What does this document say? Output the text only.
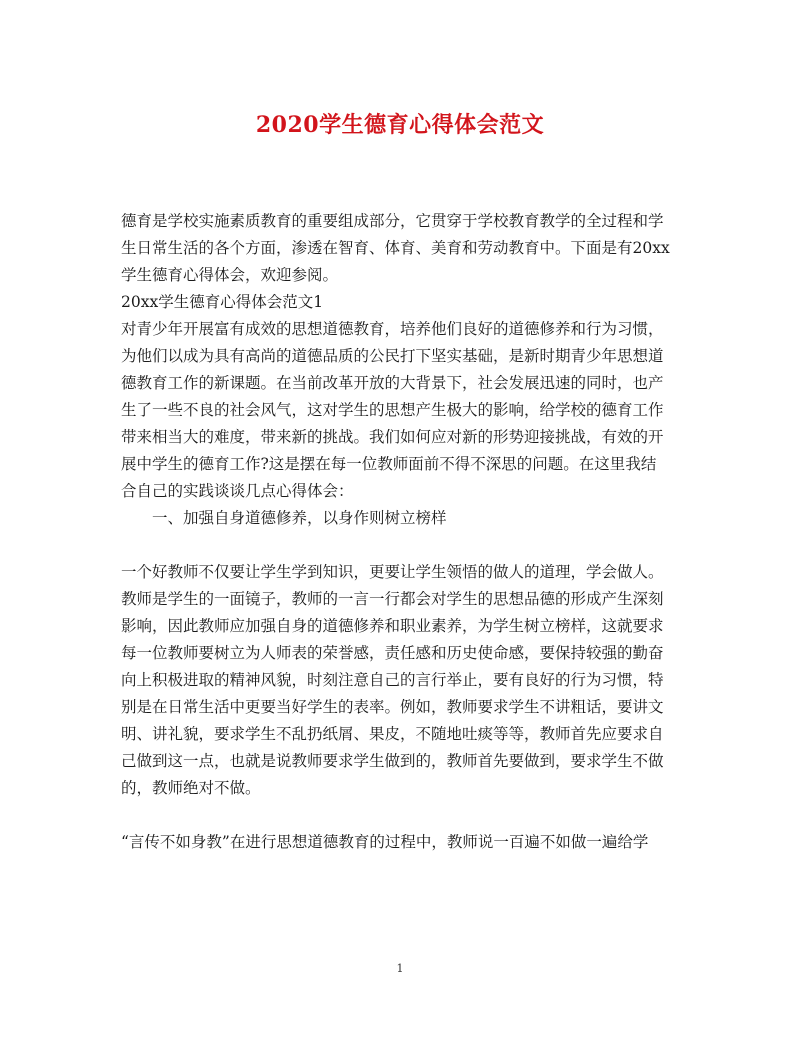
2020学生德育心得体会范文
德育是学校实施素质教育的重要组成部分，它贯穿于学校教育教学的全过程和学
生日常生活的各个方面，渗透在智育、体育、美育和劳动教育中。下面是有20xx
学生德育心得体会，欢迎参阅。
20xx学生德育心得体会范文1
对青少年开展富有成效的思想道德教育，培养他们良好的道德修养和行为习惯，
为他们以成为具有高尚的道德品质的公民打下坚实基础，是新时期青少年思想道
德教育工作的新课题。在当前改革开放的大背景下，社会发展迅速的同时，也产
生了一些不良的社会风气，这对学生的思想产生极大的影响，给学校的德育工作
带来相当大的难度，带来新的挑战。我们如何应对新的形势迎接挑战，有效的开
展中学生的德育工作?这是摆在每一位教师面前不得不深思的问题。在这里我结
合自己的实践谈谈几点心得体会：
一、加强自身道德修养，以身作则树立榜样
一个好教师不仅要让学生学到知识，更要让学生领悟的做人的道理，学会做人。
教师是学生的一面镜子，教师的一言一行都会对学生的思想品德的形成产生深刻
影响，因此教师应加强自身的道德修养和职业素养，为学生树立榜样，这就要求
每一位教师要树立为人师表的荣誉感，责任感和历史使命感，要保持较强的勤奋
向上积极进取的精神风貌，时刻注意自己的言行举止，要有良好的行为习惯，特
别是在日常生活中更要当好学生的表率。例如，教师要求学生不讲粗话，要讲文
明、讲礼貌，要求学生不乱扔纸屑、果皮，不随地吐痰等等，教师首先应要求自
己做到这一点，也就是说教师要求学生做到的，教师首先要做到，要求学生不做
的，教师绝对不做。
“言传不如身教”在进行思想道德教育的过程中，教师说一百遍不如做一遍给学
1
